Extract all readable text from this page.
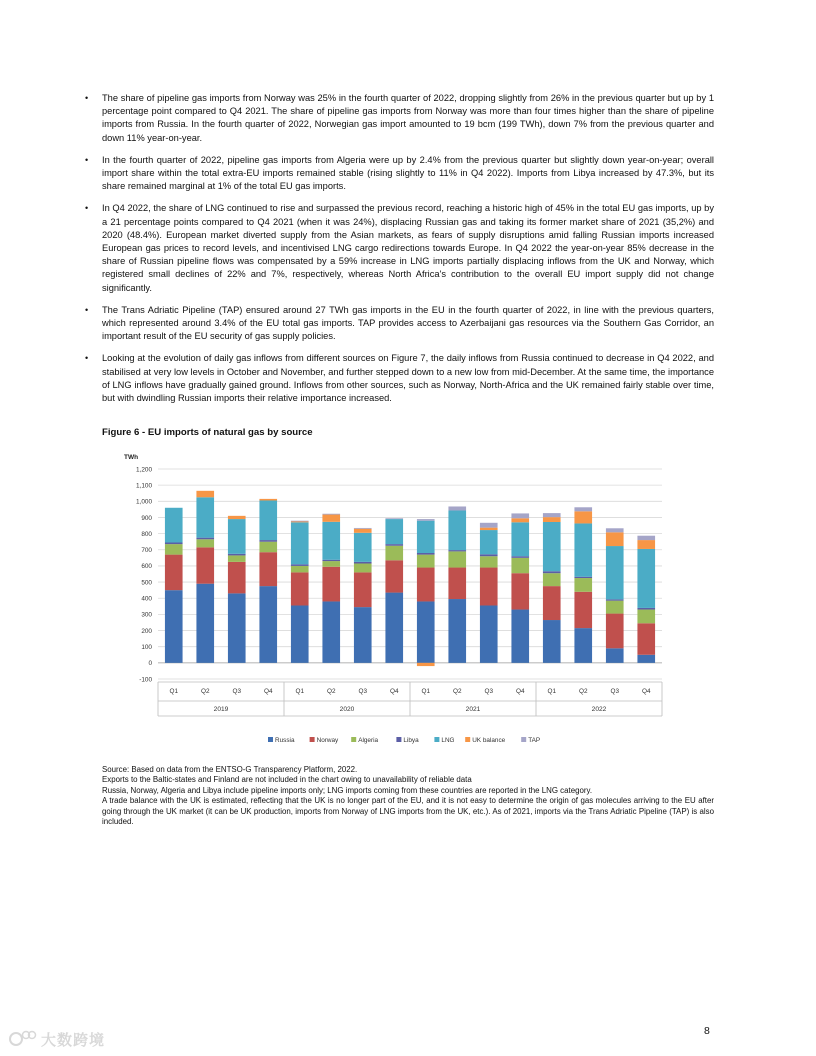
• The share of pipeline gas imports from Norway was 25% in the fourth quarter of 2022, dropping slightly from 26% in the previous quarter but up by 1 percentage point compared to Q4 2021. The share of pipeline gas imports from Norway was more than four times higher than the share of pipeline imports from Russia. In the fourth quarter of 2022, Norwegian gas import amounted to 19 bcm (199 TWh), down 7% from the previous quarter and down 11% year-on-year.
• In the fourth quarter of 2022, pipeline gas imports from Algeria were up by 2.4% from the previous quarter but slightly down year-on-year; overall import share within the total extra-EU imports remained stable (rising slightly to 11% in Q4 2022). Imports from Libya increased by 47.3%, but its share remained marginal at 1% of the total EU gas imports.
• In Q4 2022, the share of LNG continued to rise and surpassed the previous record, reaching a historic high of 45% in the total EU gas imports, up by a 21 percentage points compared to Q4 2021 (when it was 24%), displacing Russian gas and taking its former market share of 2021 (35,2%) and 2020 (48.4%). European market diverted supply from the Asian markets, as fears of supply disruptions amid falling Russian imports increased European gas prices to record levels, and incentivised LNG cargo redirections towards Europe. In Q4 2022 the year-on-year 85% decrease in the share of Russian pipeline flows was compensated by a 59% increase in LNG imports partially displacing inflows from the UK and Norway, which registered small declines of 22% and 7%, respectively, whereas North Africa's contribution to the overall EU import supply did not change significantly.
• The Trans Adriatic Pipeline (TAP) ensured around 27 TWh gas imports in the EU in the fourth quarter of 2022, in line with the previous quarters, which represented around 3.4% of the EU total gas imports. TAP provides access to Azerbaijani gas resources via the Southern Gas Corridor, an important result of the EU security of gas supply policies.
• Looking at the evolution of daily gas inflows from different sources on Figure 7, the daily inflows from Russia continued to decrease in Q4 2022, and stabilised at very low levels in October and November, and further stepped down to a new low from mid-December. At the same time, the importance of LNG inflows have gradually gained ground. Inflows from other sources, such as Norway, North-Africa and the UK remained fairly stable over time, but with dwindling Russian imports their relative importance increased.

Figure 6 - EU imports of natural gas by source

TWh
-100
0
100
200
300
400
500
600
700
800
900
1,000
1,100
1,200
Q1	Q2	Q3	Q4	Q1	Q2	Q3	Q4	Q1	Q2	Q3	Q4	Q1	Q2	Q3	Q4
2019	2020	2021	2022
Russia	Norway	Algeria	Libya	LNG	UK balance	TAP

Source: Based on data from the ENTSO-G Transparency Platform, 2022.

Exports to the Baltic-states and Finland are not included in the chart owing to unavailability of reliable data

Russia, Norway, Algeria and Libya include pipeline imports only; LNG imports coming from these countries are reported in the LNG category.

A trade balance with the UK is estimated, reflecting that the UK is no longer part of the EU, and it is not easy to determine the origin of gas molecules arriving to the EU after going through the UK market (it can be UK production, imports from Norway of LNG imports from the UK, etc.). As of 2021, imports via the Trans Adriatic Pipeline (TAP) is also included.

8
大数跨境
